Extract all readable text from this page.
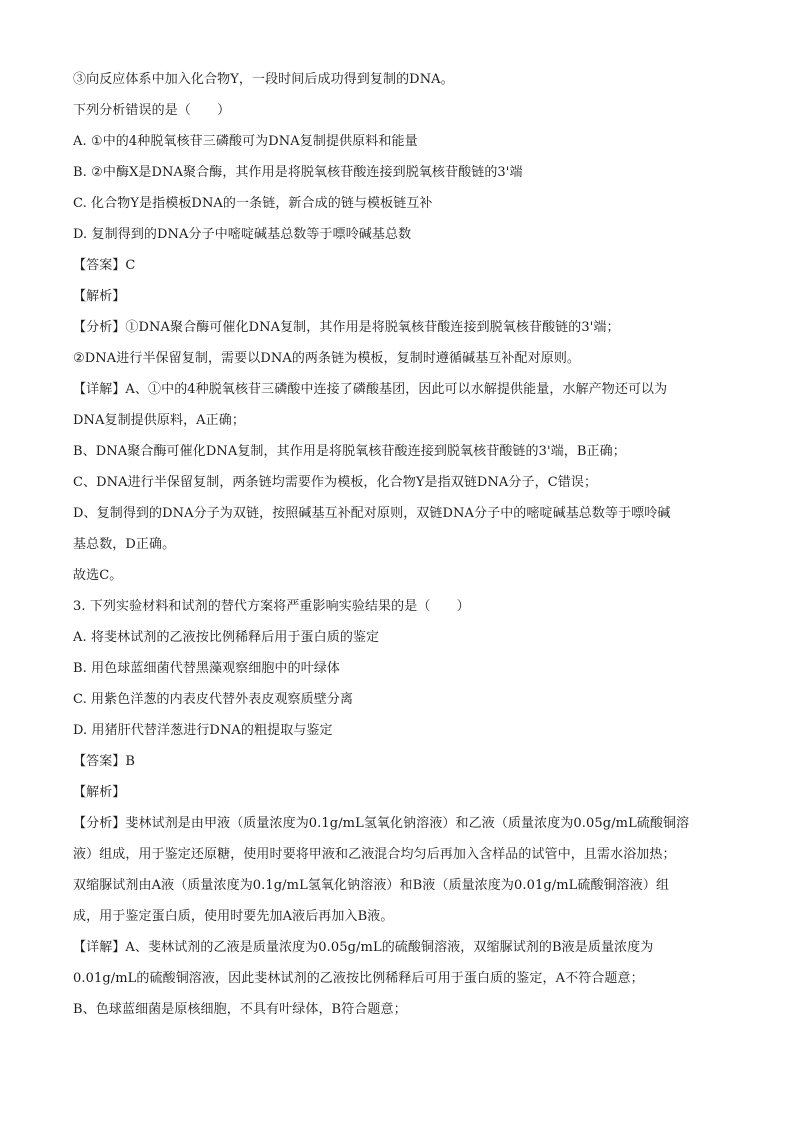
③向反应体系中加入化合物Y，一段时间后成功得到复制的DNA。
下列分析错误的是（　　）
A. ①中的4种脱氧核苷三磷酸可为DNA复制提供原料和能量
B. ②中酶X是DNA聚合酶，其作用是将脱氧核苷酸连接到脱氧核苷酸链的3'端
C. 化合物Y是指模板DNA的一条链，新合成的链与模板链互补
D. 复制得到的DNA分子中嘧啶碱基总数等于嘌呤碱基总数
【答案】C
【解析】
【分析】①DNA聚合酶可催化DNA复制，其作用是将脱氧核苷酸连接到脱氧核苷酸链的3'端；
②DNA进行半保留复制，需要以DNA的两条链为模板，复制时遵循碱基互补配对原则。
【详解】A、①中的4种脱氧核苷三磷酸中连接了磷酸基团，因此可以水解提供能量，水解产物还可以为
DNA复制提供原料，A正确；
B、DNA聚合酶可催化DNA复制，其作用是将脱氧核苷酸连接到脱氧核苷酸链的3'端，B正确；
C、DNA进行半保留复制，两条链均需要作为模板，化合物Y是指双链DNA分子，C错误；
D、复制得到的DNA分子为双链，按照碱基互补配对原则，双链DNA分子中的嘧啶碱基总数等于嘌呤碱
基总数，D正确。
故选C。
3. 下列实验材料和试剂的替代方案将严重影响实验结果的是（　　）
A. 将斐林试剂的乙液按比例稀释后用于蛋白质的鉴定
B. 用色球蓝细菌代替黑藻观察细胞中的叶绿体
C. 用紫色洋葱的内表皮代替外表皮观察质壁分离
D. 用猪肝代替洋葱进行DNA的粗提取与鉴定
【答案】B
【解析】
【分析】斐林试剂是由甲液（质量浓度为0.1g/mL氢氧化钠溶液）和乙液（质量浓度为0.05g/mL硫酸铜溶
液）组成，用于鉴定还原糖，使用时要将甲液和乙液混合均匀后再加入含样品的试管中，且需水浴加热；
双缩脲试剂由A液（质量浓度为0.1g/mL氢氧化钠溶液）和B液（质量浓度为0.01g/mL硫酸铜溶液）组
成，用于鉴定蛋白质，使用时要先加A液后再加入B液。
【详解】A、斐林试剂的乙液是质量浓度为0.05g/mL的硫酸铜溶液，双缩脲试剂的B液是质量浓度为
0.01g/mL的硫酸铜溶液，因此斐林试剂的乙液按比例稀释后可用于蛋白质的鉴定，A不符合题意；
B、色球蓝细菌是原核细胞，不具有叶绿体，B符合题意；
